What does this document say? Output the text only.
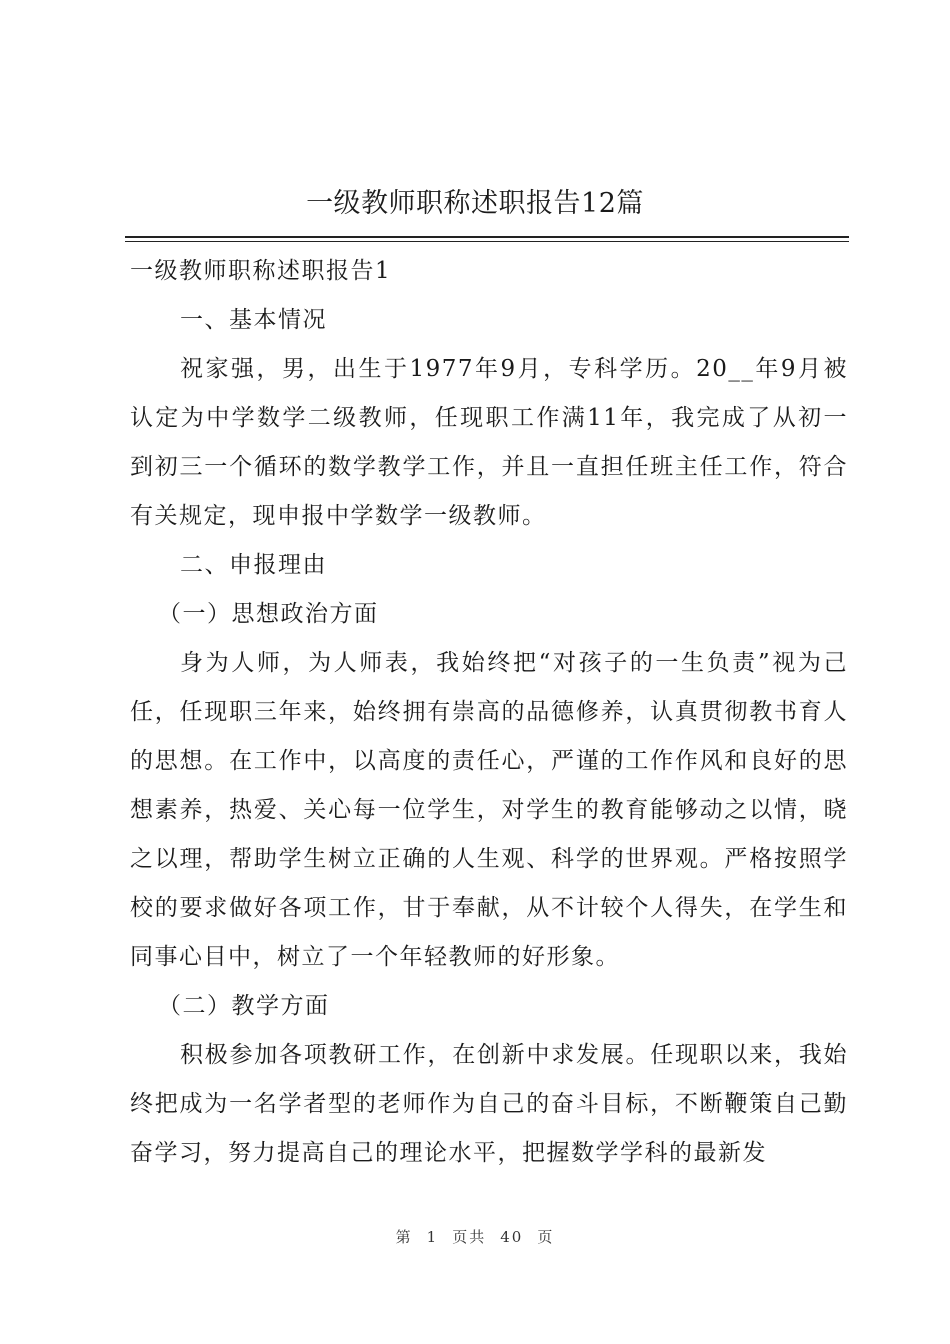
一级教师职称述职报告12篇

一级教师职称述职报告1

一、基本情况

祝家强，男，出生于1977年9月，专科学历。20__年9月被认定为中学数学二级教师，任现职工作满11年，我完成了从初一到初三一个循环的数学教学工作，并且一直担任班主任工作，符合有关规定，现申报中学数学一级教师。

二、申报理由

（一）思想政治方面

身为人师，为人师表，我始终把“对孩子的一生负责”视为己任，任现职三年来，始终拥有崇高的品德修养，认真贯彻教书育人的思想。在工作中，以高度的责任心，严谨的工作作风和良好的思想素养，热爱、关心每一位学生，对学生的教育能够动之以情，晓之以理，帮助学生树立正确的人生观、科学的世界观。严格按照学校的要求做好各项工作，甘于奉献，从不计较个人得失，在学生和同事心目中，树立了一个年轻教师的好形象。

（二）教学方面

积极参加各项教研工作，在创新中求发展。任现职以来，我始终把成为一名学者型的老师作为自己的奋斗目标，不断鞭策自己勤奋学习，努力提高自己的理论水平，把握数学学科的最新发

第 1 页共 40 页
